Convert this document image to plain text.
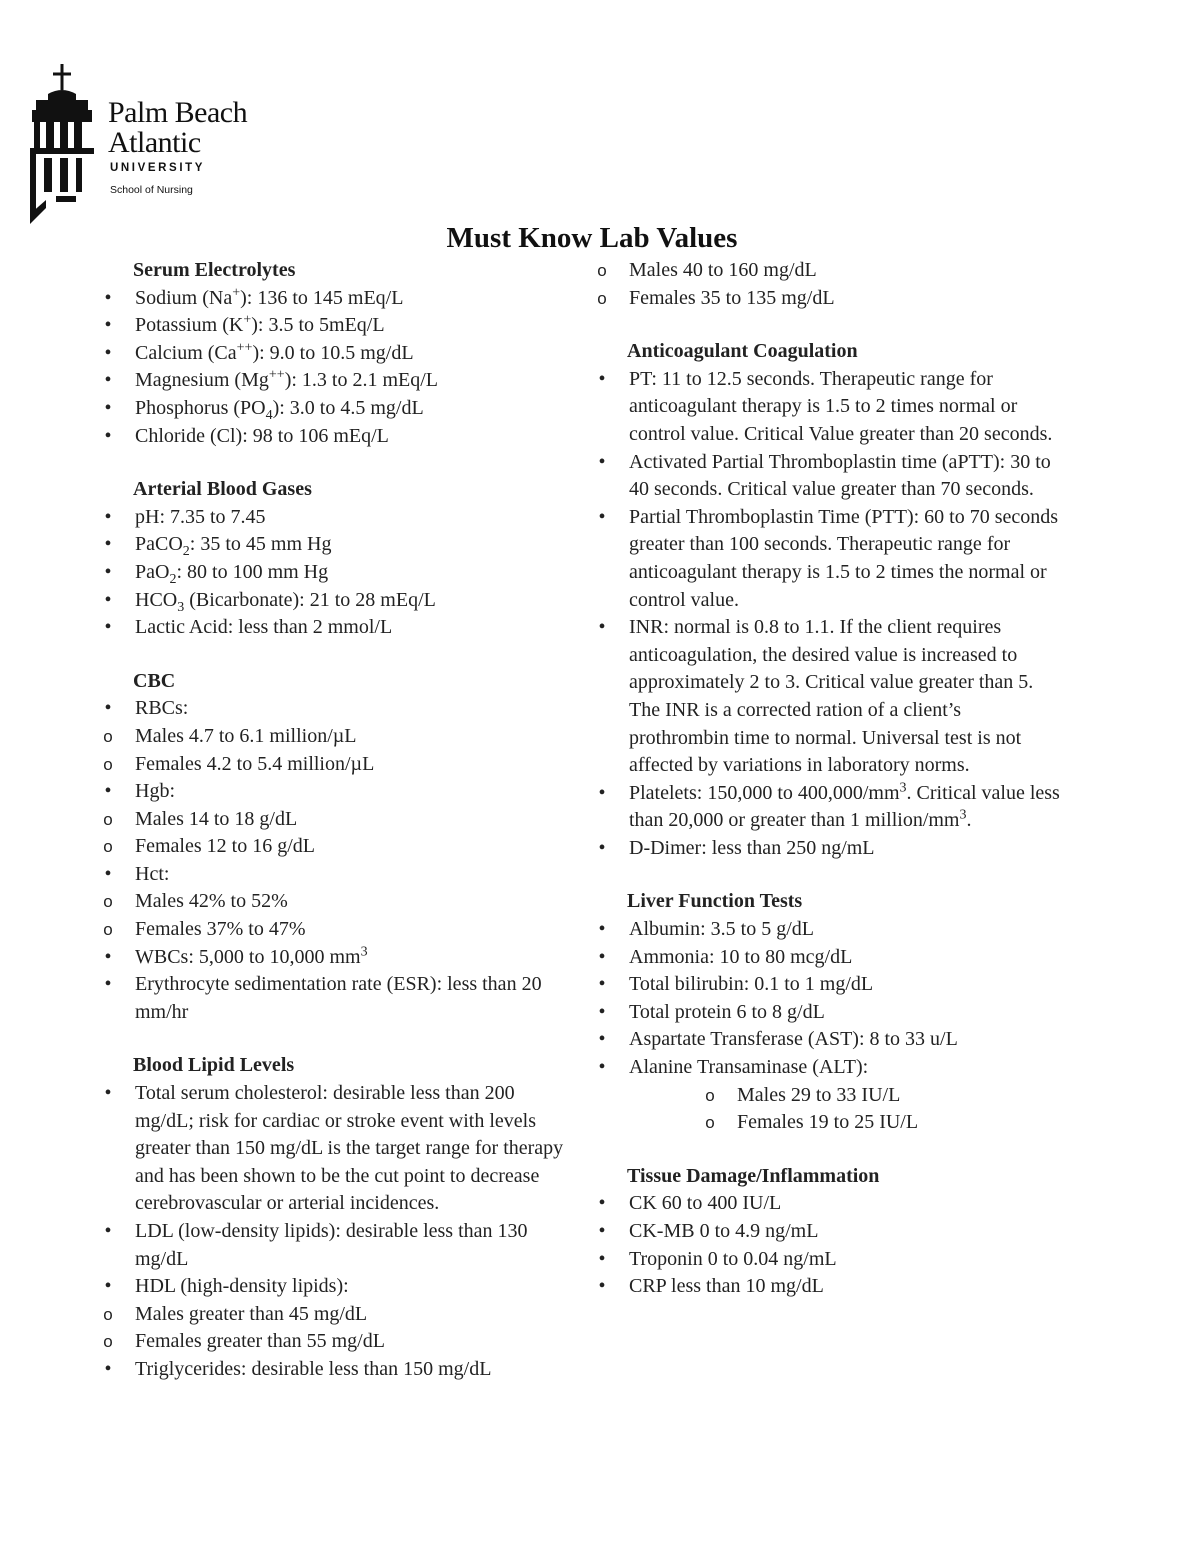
Palm Beach
Atlantic
UNIVERSITY
School of Nursing
Must Know Lab Values
Serum Electrolytes
• Sodium (Na+): 136 to 145 mEq/L
• Potassium (K+): 3.5 to 5mEq/L
• Calcium (Ca++): 9.0 to 10.5 mg/dL
• Magnesium (Mg++): 1.3 to 2.1 mEq/L
• Phosphorus $(PO_4)$: 3.0 to 4.5 mg/dL
• Chloride (Cl): 98 to 106 mEq/L
Arterial Blood Gases
• pH: 7.35 to 7.45
• PaCO$_2$: 35 to 45 mm Hg
• PaO$_2$: 80 to 100 mm Hg
• $HCO_3$ (Bicarbonate): 21 to 28 mEq/L
• Lactic Acid: less than 2 mmol/L
CBC
• RBCs:
o Males 4.7 to 6.1 million/µL
o Females 4.2 to 5.4 million/µL
• Hgb:
o Males 14 to 18 g/dL
o Females 12 to 16 g/dL
• Hct:
o Males 42% to 52%
o Females 37% to 47%
• WBCs: 5,000 to 10,000 $mm^3$
• Erythrocyte sedimentation rate (ESR): less than 20 mm/hr
Blood Lipid Levels
• Total serum cholesterol: desirable less than 200 mg/dL; risk for cardiac or stroke event with levels greater than 150 mg/dL is the target range for therapy and has been shown to be the cut point to decrease cerebrovascular or arterial incidences.
• LDL (low-density lipids): desirable less than 130 mg/dL
• HDL (high-density lipids):
o Males greater than 45 mg/dL
o Females greater than 55 mg/dL
• Triglycerides: desirable less than 150 mg/dL
o Males 40 to 160 mg/dL
o Females 35 to 135 mg/dL
Anticoagulant Coagulation
• PT: 11 to 12.5 seconds. Therapeutic range for anticoagulant therapy is 1.5 to 2 times normal or control value. Critical Value greater than 20 seconds.
• Activated Partial Thromboplastin time (aPTT): 30 to 40 seconds. Critical value greater than 70 seconds.
• Partial Thromboplastin Time (PTT): 60 to 70 seconds greater than 100 seconds. Therapeutic range for anticoagulant therapy is 1.5 to 2 times the normal or control value.
• INR: normal is 0.8 to 1.1. If the client requires anticoagulation, the desired value is increased to approximately 2 to 3. Critical value greater than 5. The INR is a corrected ration of a client’s prothrombin time to normal. Universal test is not affected by variations in laboratory norms.
• Platelets: 150,000 to $400,000/mm^3$. Critical value less than 20,000 or greater than 1 million/$mm^3$.
• D-Dimer: less than 250 ng/mL
Liver Function Tests
• Albumin: 3.5 to 5 g/dL
• Ammonia: 10 to 80 mcg/dL
• Total bilirubin: 0.1 to 1 mg/dL
• Total protein 6 to 8 g/dL
• Aspartate Transferase (AST): 8 to 33 u/L
• Alanine Transaminase (ALT):
o Males 29 to 33 IU/L
o Females 19 to 25 IU/L
Tissue Damage/Inflammation
• CK 60 to 400 IU/L
• CK-MB 0 to 4.9 ng/mL
• Troponin 0 to 0.04 ng/mL
• CRP less than 10 mg/dL
